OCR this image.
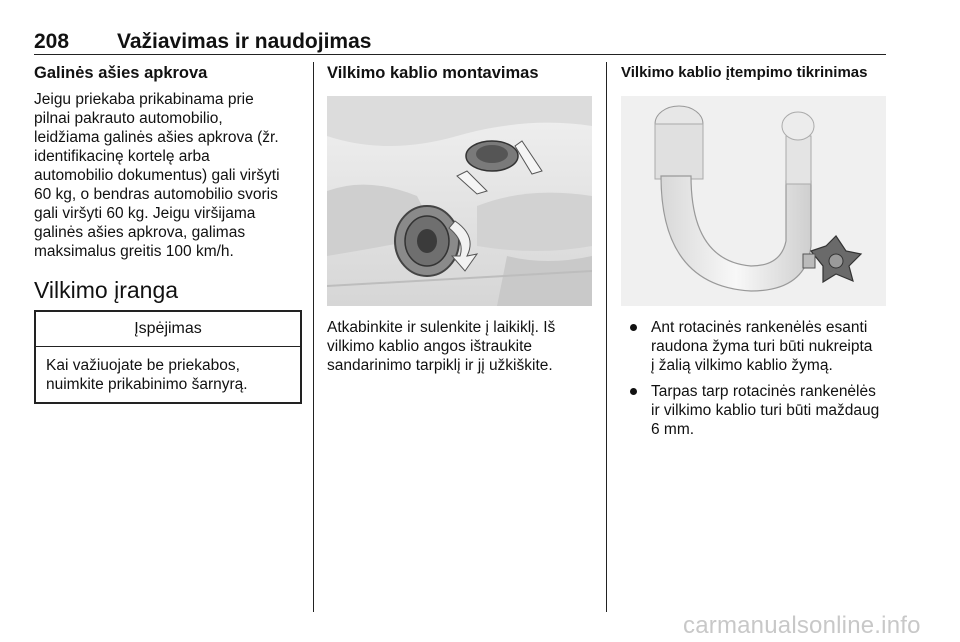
208 Važiavimas ir naudojimas
Galinės ašies apkrova

Jeigu priekaba prikabinama prie

pilnai pakrauto automobilio,

leidžiama galinės ašies apkrova (žr.

identifikacinę kortelę arba

automobilio dokumentus) gali viršyti

60 kg, o bendras automobilio svoris

gali viršyti 60 kg. Jeigu viršijama

galinės ašies apkrova, galimas

maksimalus greitis 100 km/h.

Vilkimo įranga
Įspėjimas
Kai važiuojate be priekabos,
nuimkite prikabinimo šarnyrą.
Vilkimo kablio montavimas

Atkabinkite ir sulenkite į laikiklį. Iš

vilkimo kablio angos ištraukite

sandarinimo tarpiklį ir jį užkiškite.

Vilkimo kablio įtempimo tikrinimas
Ant rotacinės rankenėlės esanti
raudona žyma turi būti nukreipta
į žalią vilkimo kablio žymą.
Tarpas tarp rotacinės rankenėlės
ir vilkimo kablio turi būti maždaug
6 mm.
carmanualsonline.info
